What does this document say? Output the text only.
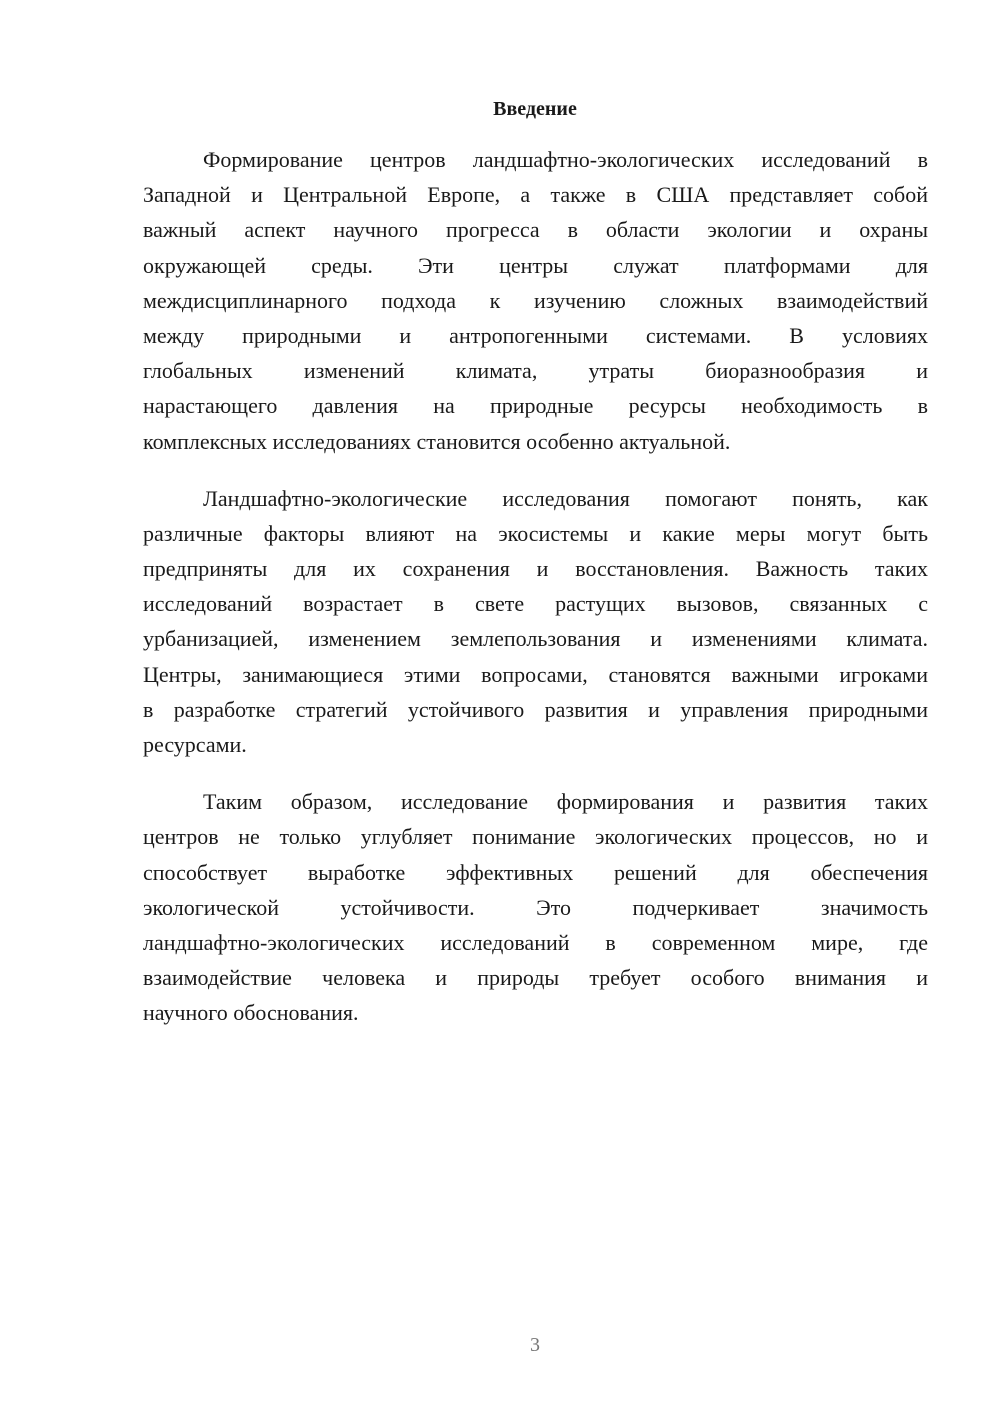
Введение
Формирование центров ландшафтно-экологических исследований в
Западной и Центральной Европе, а также в США представляет собой
важный аспект научного прогресса в области экологии и охраны
окружающей среды. Эти центры служат платформами для
междисциплинарного подхода к изучению сложных взаимодействий
между природными и антропогенными системами. В условиях
глобальных изменений климата, утраты биоразнообразия и
нарастающего давления на природные ресурсы необходимость в
комплексных исследованиях становится особенно актуальной.
Ландшафтно-экологические исследования помогают понять, как
различные факторы влияют на экосистемы и какие меры могут быть
предприняты для их сохранения и восстановления. Важность таких
исследований возрастает в свете растущих вызовов, связанных с
урбанизацией, изменением землепользования и изменениями климата.
Центры, занимающиеся этими вопросами, становятся важными игроками
в разработке стратегий устойчивого развития и управления природными
ресурсами.
Таким образом, исследование формирования и развития таких
центров не только углубляет понимание экологических процессов, но и
способствует выработке эффективных решений для обеспечения
экологической устойчивости. Это подчеркивает значимость
ландшафтно-экологических исследований в современном мире, где
взаимодействие человека и природы требует особого внимания и
научного обоснования.
3
